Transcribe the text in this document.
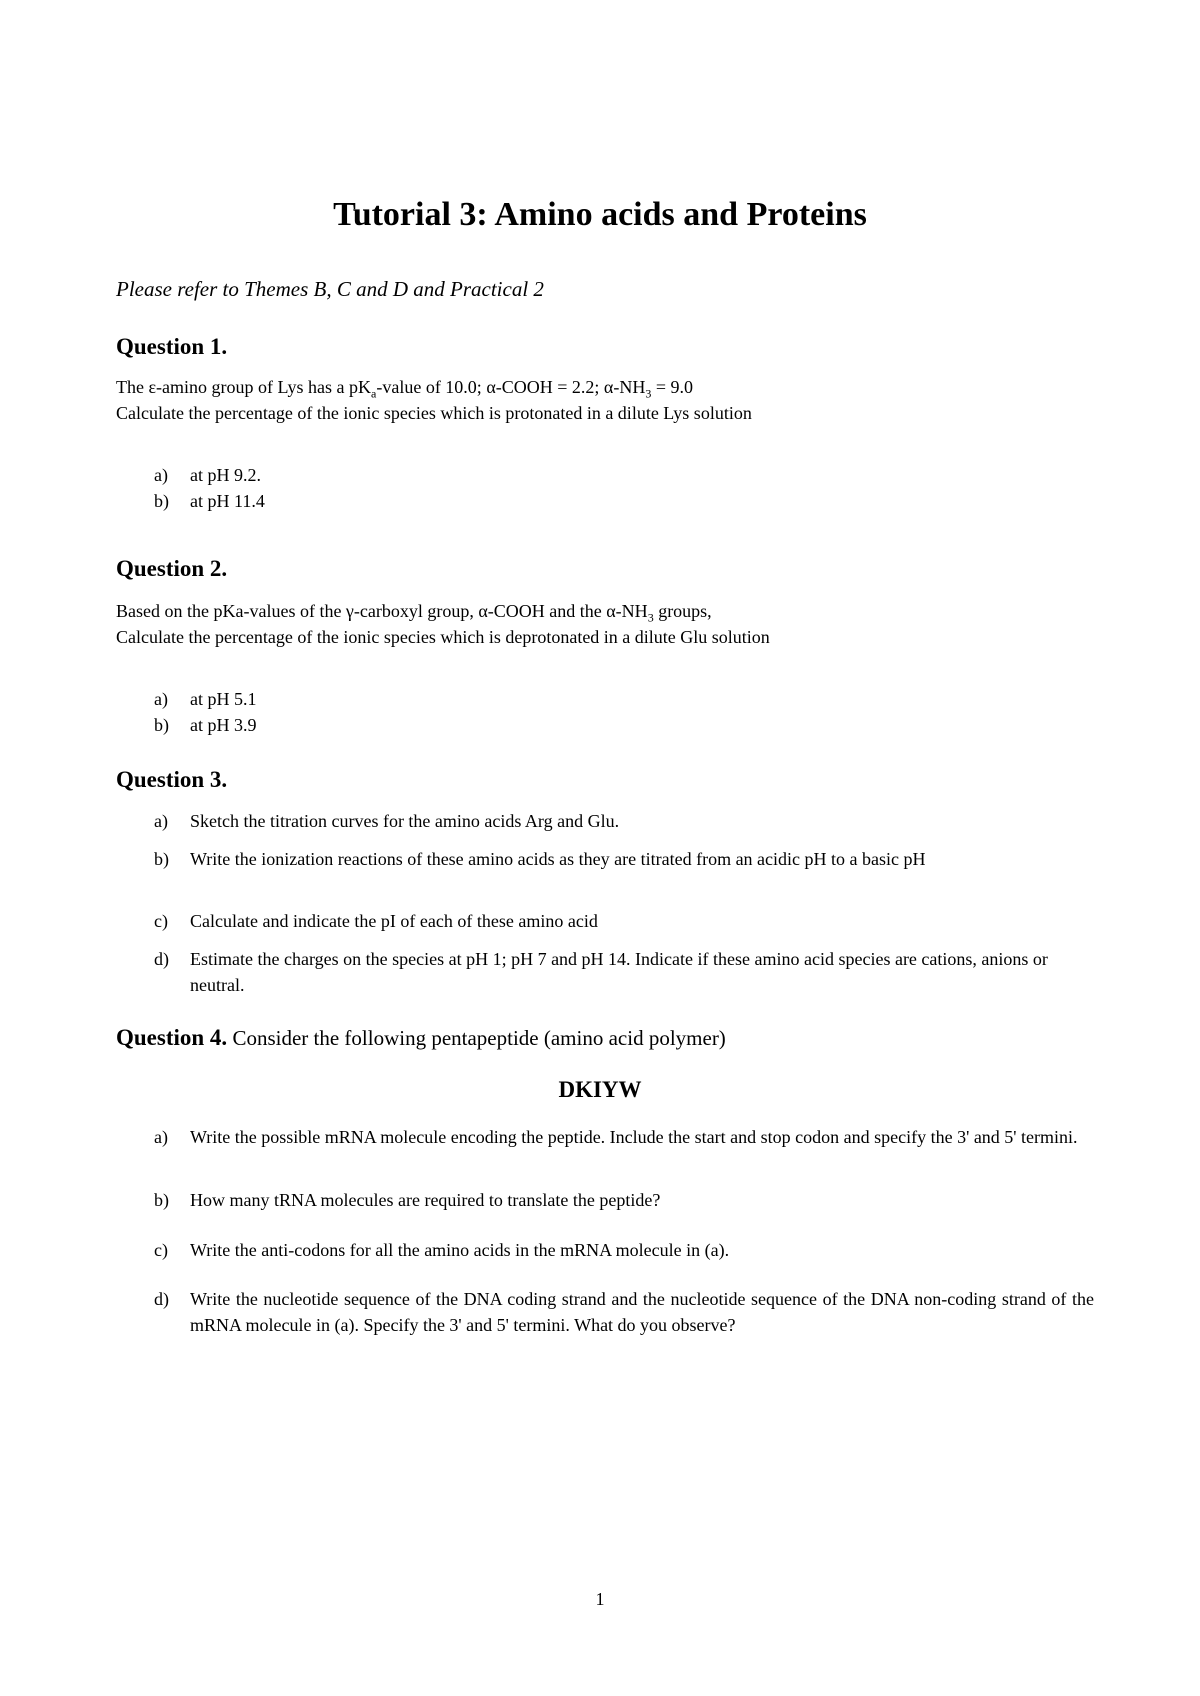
Tutorial 3: Amino acids and Proteins

Please refer to Themes B, C and D and Practical 2

Question 1.

The ε-amino group of Lys has a $pK_a$-value of 10.0; α-COOH = 2.2; $\alpha-NH_3 = 9.0$

Calculate the percentage of the ionic species which is protonated in a dilute Lys solution

a) at pH 9.2.
b) at pH 11.4
Question 2.

Based on the pKa-values of the γ-carboxyl group, α-COOH and the $\alpha-NH_3$ groups,

Calculate the percentage of the ionic species which is deprotonated in a dilute Glu solution

a) at pH 5.1
b) at pH 3.9
Question 3.
a) Sketch the titration curves for the amino acids Arg and Glu.
b) Write the ionization reactions of these amino acids as they are titrated from an acidic pH to a basic pH
c) Calculate and indicate the pI of each of these amino acid
d) Estimate the charges on the species at pH 1; pH 7 and pH 14. Indicate if these amino acid species are cations, anions or neutral.
Question 4. Consider the following pentapeptide (amino acid polymer)

DKIYW

a) Write the possible mRNA molecule encoding the peptide. Include the start and stop codon and specify the 3' and 5' termini.
b) How many tRNA molecules are required to translate the peptide?
c) Write the anti-codons for all the amino acids in the mRNA molecule in (a).
d) Write the nucleotide sequence of the DNA coding strand and the nucleotide sequence of the DNA non-coding strand of the mRNA molecule in (a). Specify the 3' and 5' termini. What do you observe?

1
